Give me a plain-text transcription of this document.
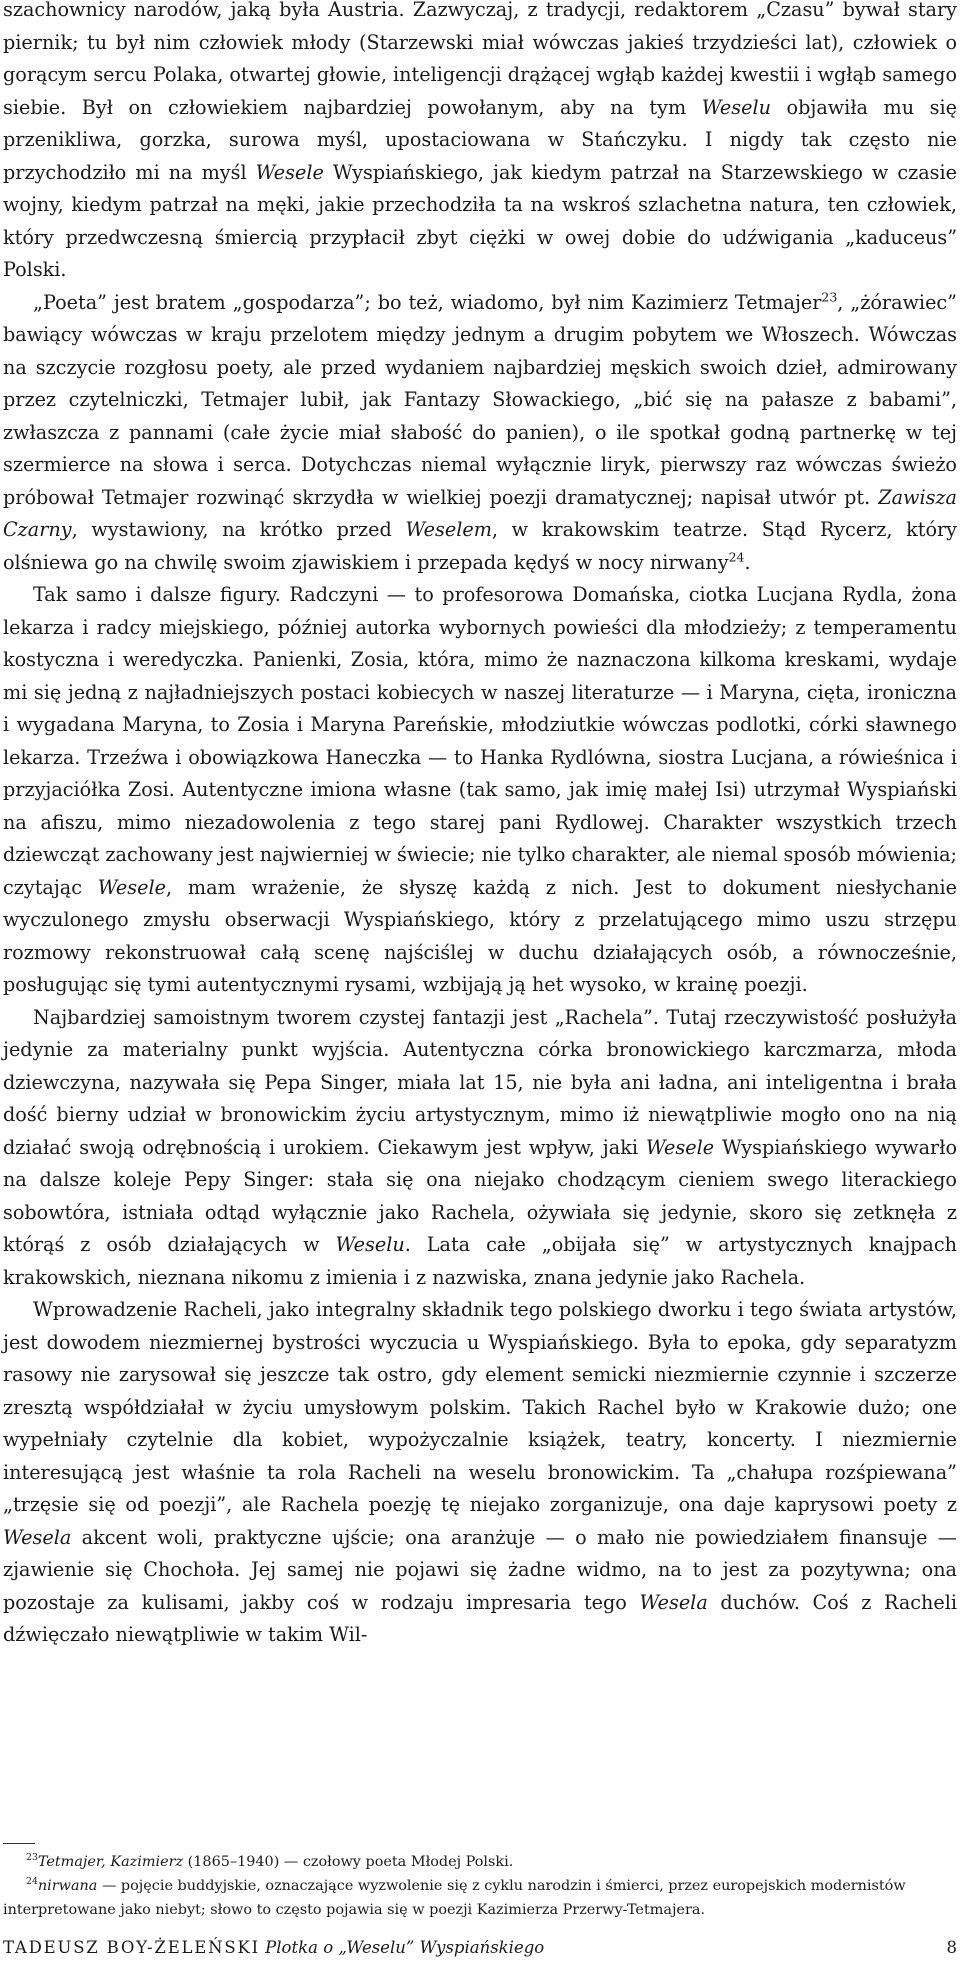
szachownicy narodów, jaką była Austria. Zazwyczaj, z tradycji, redaktorem „Czasu” bywał stary piernik; tu był nim człowiek młody (Starzewski miał wówczas jakieś trzydzieści lat), człowiek o gorącym sercu Polaka, otwartej głowie, inteligencji drążącej wgłąb każdej kwestii i wgłąb samego siebie. Był on człowiekiem najbardziej powołanym, aby na tym Weselu objawiła mu się przenikliwa, gorzka, surowa myśl, upostaciowana w Stańczyku. I nigdy tak często nie przychodziło mi na myśl Wesele Wyspiańskiego, jak kiedym patrzał na Starzewskiego w czasie wojny, kiedym patrzał na męki, jakie przechodziła ta na wskroś szlachetna natura, ten człowiek, który przedwczesną śmiercią przypłacił zbyt ciężki w owej dobie do udźwigania „kaduceus” Polski.

„Poeta” jest bratem „gospodarza”; bo też, wiadomo, był nim Kazimierz Tetmajer$^{23}$, „żórawiec” bawiący wówczas w kraju przelotem między jednym a drugim pobytem we Włoszech. Wówczas na szczycie rozgłosu poety, ale przed wydaniem najbardziej męskich swoich dzieł, admirowany przez czytelniczki, Tetmajer lubił, jak Fantazy Słowackiego, „bić się na pałasze z babami”, zwłaszcza z pannami (całe życie miał słabość do panien), o ile spotkał godną partnerkę w tej szermierce na słowa i serca. Dotychczas niemal wyłącznie liryk, pierwszy raz wówczas świeżo próbował Tetmajer rozwinąć skrzydła w wielkiej poezji dramatycznej; napisał utwór pt. Zawisza Czarny, wystawiony, na krótko przed Weselem, w krakowskim teatrze. Stąd Rycerz, który olśniewa go na chwilę swoim zjawiskiem i przepada kędyś w nocy nirwany$^{24}$.

Tak samo i dalsze figury. Radczyni — to profesorowa Domańska, ciotka Lucjana Rydla, żona lekarza i radcy miejskiego, później autorka wybornych powieści dla młodzieży; z temperamentu kostyczna i weredyczka. Panienki, Zosia, która, mimo że naznaczona kilkoma kreskami, wydaje mi się jedną z najładniejszych postaci kobiecych w naszej literaturze — i Maryna, cięta, ironiczna i wygadana Maryna, to Zosia i Maryna Pareńskie, młodziutkie wówczas podlotki, córki sławnego lekarza. Trzeźwa i obowiązkowa Haneczka — to Hanka Rydlówna, siostra Lucjana, a rówieśnica i przyjaciółka Zosi. Autentyczne imiona własne (tak samo, jak imię małej Isi) utrzymał Wyspiański na afiszu, mimo niezadowolenia z tego starej pani Rydlowej. Charakter wszystkich trzech dziewcząt zachowany jest najwierniej w świecie; nie tylko charakter, ale niemal sposób mówienia; czytając Wesele, mam wrażenie, że słyszę każdą z nich. Jest to dokument niesłychanie wyczulonego zmysłu obserwacji Wyspiańskiego, który z przelatującego mimo uszu strzępu rozmowy rekonstruował całą scenę najściślej w duchu działających osób, a równocześnie, posługując się tymi autentycznymi rysami, wzbijają ją het wysoko, w krainę poezji.

Najbardziej samoistnym tworem czystej fantazji jest „Rachela”. Tutaj rzeczywistość posłużyła jedynie za materialny punkt wyjścia. Autentyczna córka bronowickiego karczmarza, młoda dziewczyna, nazywała się Pepa Singer, miała lat 15, nie była ani ładna, ani inteligentna i brała dość bierny udział w bronowickim życiu artystycznym, mimo iż niewątpliwie mogło ono na nią działać swoją odrębnością i urokiem. Ciekawym jest wpływ, jaki Wesele Wyspiańskiego wywarło na dalsze koleje Pepy Singer: stała się ona niejako chodzącym cieniem swego literackiego sobowtóra, istniała odtąd wyłącznie jako Rachela, ożywiała się jedynie, skoro się zetknęła z którąś z osób działających w Weselu. Lata całe „obijała się” w artystycznych knajpach krakowskich, nieznana nikomu z imienia i z nazwiska, znana jedynie jako Rachela.

Wprowadzenie Racheli, jako integralny składnik tego polskiego dworku i tego świata artystów, jest dowodem niezmiernej bystrości wyczucia u Wyspiańskiego. Była to epoka, gdy separatyzm rasowy nie zarysował się jeszcze tak ostro, gdy element semicki niezmiernie czynnie i szczerze zresztą współdziałał w życiu umysłowym polskim. Takich Rachel było w Krakowie dużo; one wypełniały czytelnie dla kobiet, wypożyczalnie książek, teatry, koncerty. I niezmiernie interesującą jest właśnie ta rola Racheli na weselu bronowickim. Ta „chałupa rozśpiewana” „trzęsie się od poezji”, ale Rachela poezję tę niejako zorganizuje, ona daje kaprysowi poety z Wesela akcent woli, praktyczne ujście; ona aranżuje — o mało nie powiedziałem finansuje — zjawienie się Chochoła. Jej samej nie pojawi się żadne widmo, na to jest za pozytywna; ona pozostaje za kulisami, jakby coś w rodzaju impresaria tego Wesela duchów. Coś z Racheli dźwięczało niewątpliwie w takim Wil-

$^{23}$Tetmajer, Kazimierz (1865–1940) — czołowy poeta Młodej Polski.

$^{24}$nirwana — pojęcie buddyjskie, oznaczające wyzwolenie się z cyklu narodzin i śmierci, przez europejskich modernistów interpretowane jako niebyt; słowo to często pojawia się w poezji Kazimierza Przerwy-Tetmajera.

TADEUSZ BOY-ŻELEŃSKI Plotka o „Weselu” Wyspiańskiego	8
